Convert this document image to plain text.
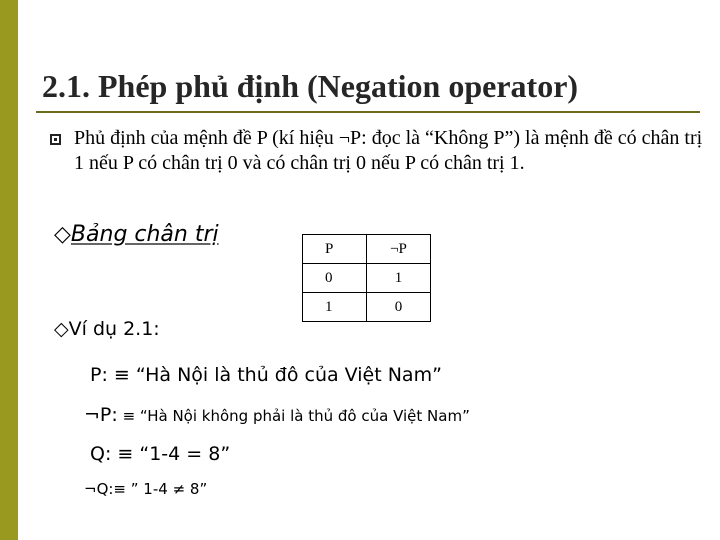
2.1. Phép phủ định (Negation operator)
Phủ định của mệnh đề P (kí hiệu ¬P: đọc là “Không P”) là mệnh đề có chân trị 1 nếu P có chân trị 0 và có chân trị 0 nếu P có chân trị 1.
◇Bảng chân trị
P	¬P
0	1
1	0
◇Ví dụ 2.1:
P: ≡ “Hà Nội là thủ đô của Việt Nam”
¬P: ≡ “Hà Nội không phải là thủ đô của Việt Nam”
Q: ≡ “1-4 = 8”
¬Q:≡ ” 1-4 ≠ 8”
